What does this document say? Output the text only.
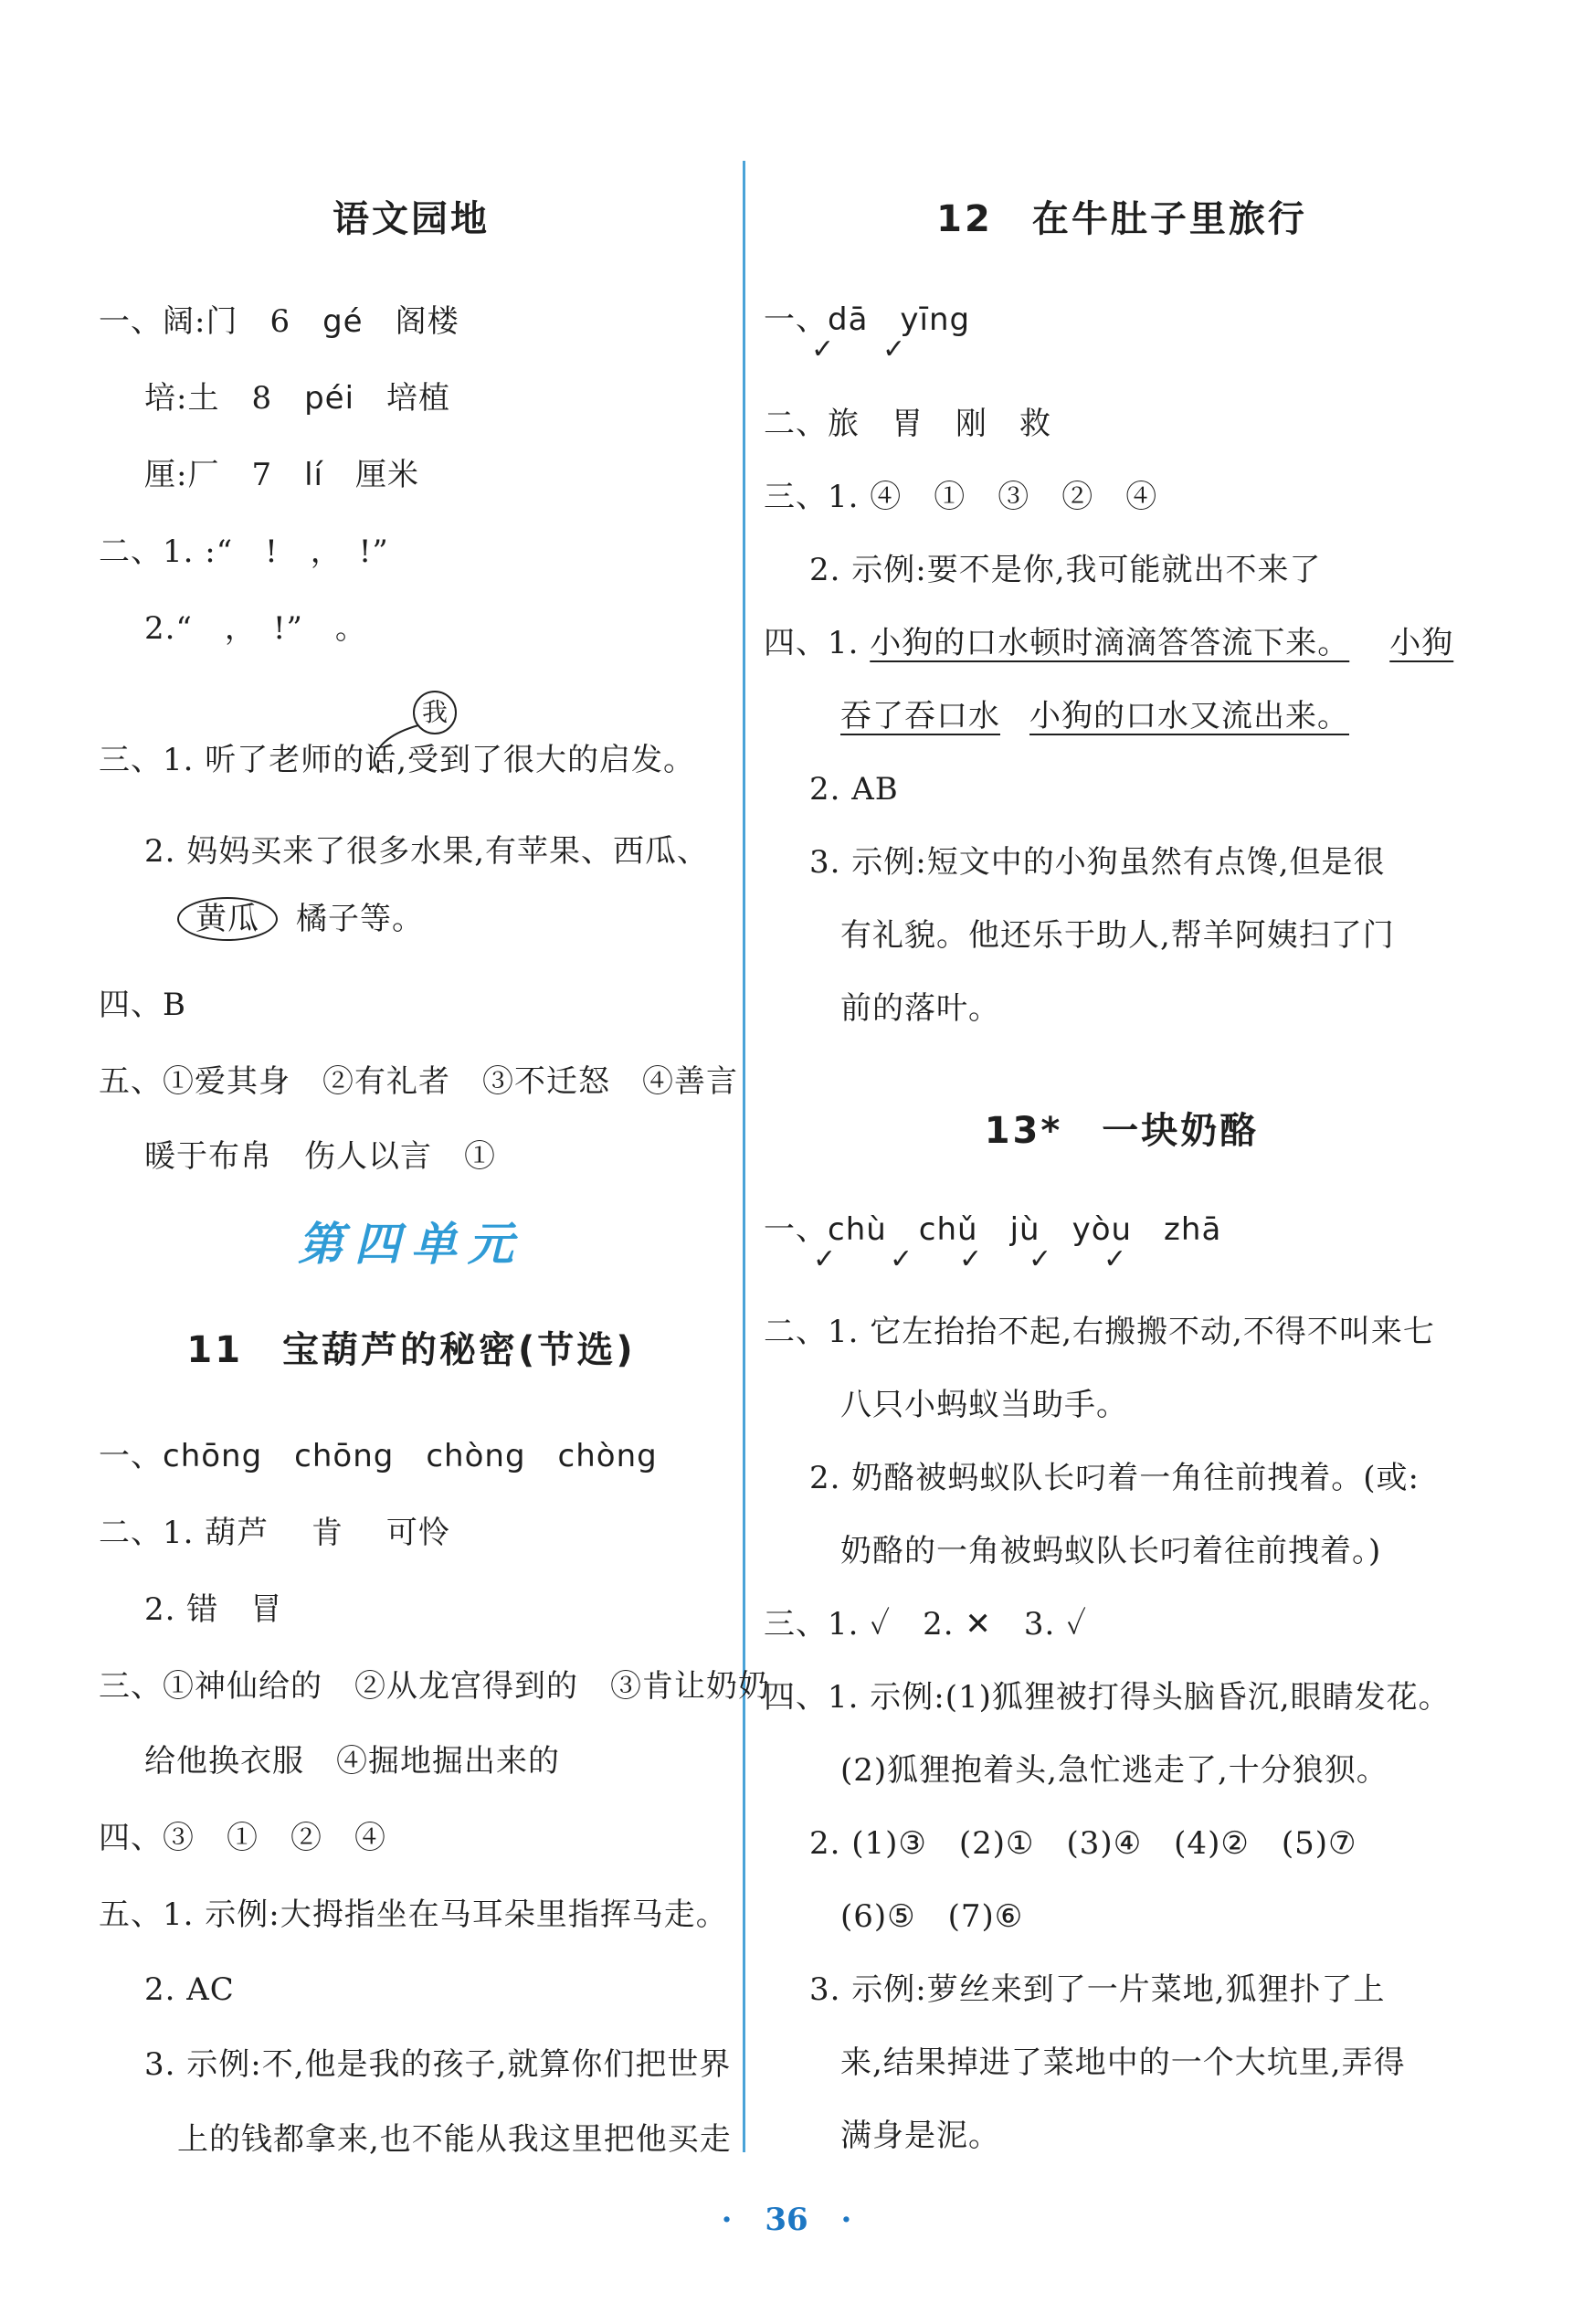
语文园地
一、阔:门　6　gé　阁楼
培:土　8　péi　培植
厘:厂　7　lí　厘米
二、1. :“　!　，　!”
2.“　，　!”　。
我
三、1. 听了老师的话,受到了很大的启发。
2. 妈妈买来了很多水果,有苹果、西瓜、
黄瓜 橘子等。
四、B
五、①爱其身　②有礼者　③不迁怒　④善言
暖于布帛　伤人以言　①
第四单元
11　宝葫芦的秘密(节选)
一、chōng　chōng　chòng　chòng
二、1. 葫芦　 肯　 可怜
2. 错　冒
三、①神仙给的　②从龙宫得到的　③肯让奶奶
给他换衣服　④掘地掘出来的
四、③　①　②　④
五、1. 示例:大拇指坐在马耳朵里指挥马走。
2. AC
3. 示例:不,他是我的孩子,就算你们把世界
上的钱都拿来,也不能从我这里把他买走
12　在牛肚子里旅行
一、dā　yīng
✓ ✓
二、旅　胃　刚　救
三、1. ④　①　③　②　④
2. 示例:要不是你,我可能就出不来了
四、1. 小狗的口水顿时滴滴答答流下来。 小狗
吞了吞口水 小狗的口水又流出来。
2. AB
3. 示例:短文中的小狗虽然有点馋,但是很
有礼貌。他还乐于助人,帮羊阿姨扫了门
前的落叶。
13*　一块奶酪
一、chù　chǔ　jù　yòu　zhā
✓ ✓ ✓ ✓ ✓
二、1. 它左抬抬不起,右搬搬不动,不得不叫来七
八只小蚂蚁当助手。
2. 奶酪被蚂蚁队长叼着一角往前拽着。(或:
奶酪的一角被蚂蚁队长叼着往前拽着。)
三、1. ✓　2. ✕　3. ✓
四、1. 示例:(1)狐狸被打得头脑昏沉,眼睛发花。
(2)狐狸抱着头,急忙逃走了,十分狼狈。
2. (1)③　(2)①　(3)④　(4)②　(5)⑦
(6)⑤　(7)⑥
3. 示例:萝丝来到了一片菜地,狐狸扑了上
来,结果掉进了菜地中的一个大坑里,弄得
满身是泥。
· 36 ·
